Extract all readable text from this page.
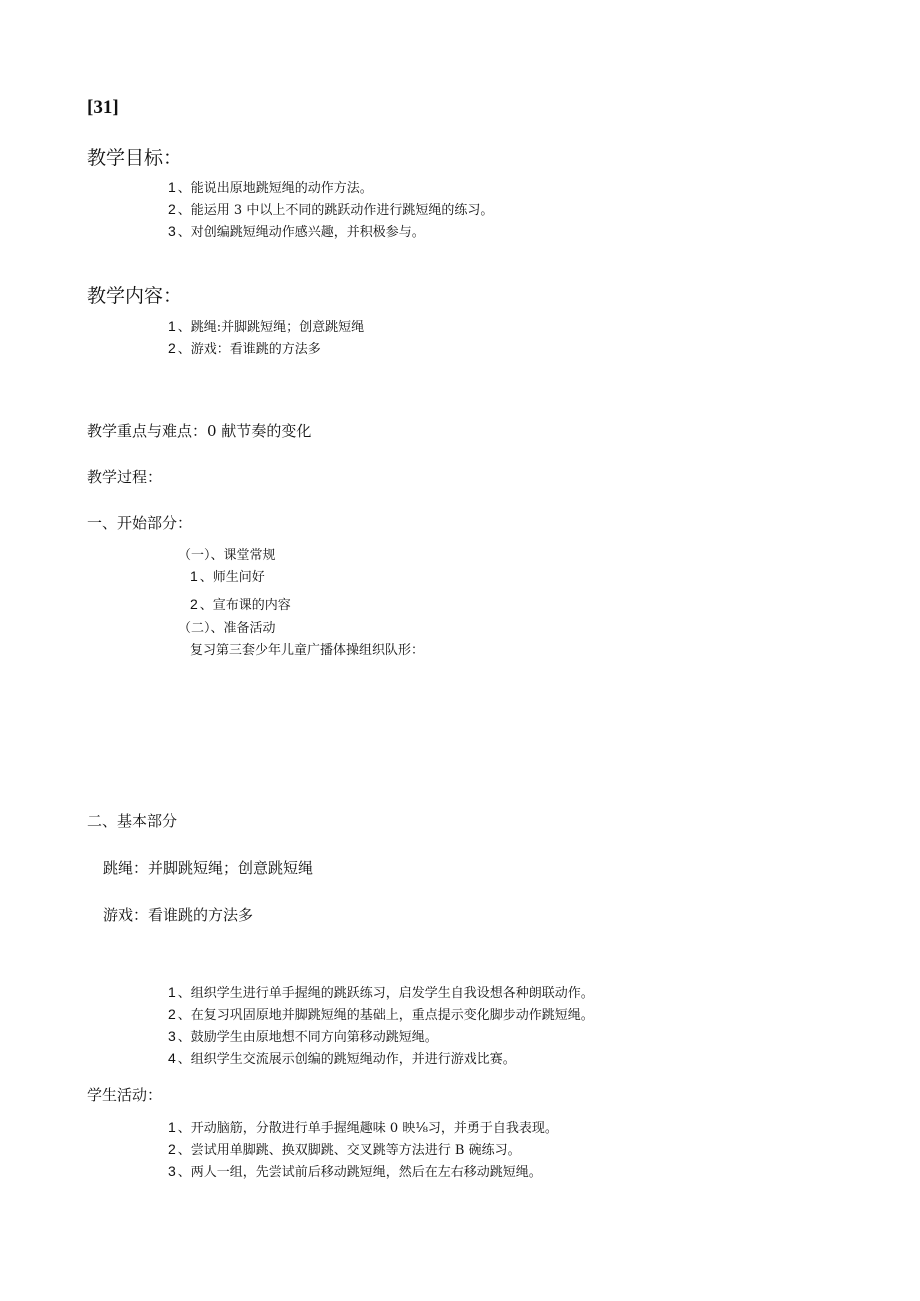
[31]
教学目标：
1 、能说出原地跳短绳的动作方法。
2 、能运用 3 中以上不同的跳跃动作进行跳短绳的练习。
3 、对创编跳短绳动作感兴趣，并积极参与。
教学内容：
1 、跳绳:并脚跳短绳；创意跳短绳
2 、游戏：看谁跳的方法多
教学重点与难点：0 献节奏的变化
教学过程：
一、开始部分：
（一）、课堂常规
1 、师生问好
2 、宣布课的内容
（二）、准备活动
复习第三套少年儿童广播体操组织队形：
二、基本部分
跳绳：并脚跳短绳；创意跳短绳
游戏：看谁跳的方法多
1 、组织学生进行单手握绳的跳跃练习，启发学生自我设想各种朗联动作。
2 、在复习巩固原地并脚跳短绳的基础上，重点提示变化脚步动作跳短绳。
3 、鼓励学生由原地想不同方向第移动跳短绳。
4 、组织学生交流展示创编的跳短绳动作，并进行游戏比赛。
学生活动：
1 、开动脑筋，分散进行单手握绳趣味 0 映⅛习，并勇于自我表现。
2 、尝试用单脚跳、换双脚跳、交叉跳等方法进行 B 碗练习。
3 、两人一组，先尝试前后移动跳短绳，然后在左右移动跳短绳。
